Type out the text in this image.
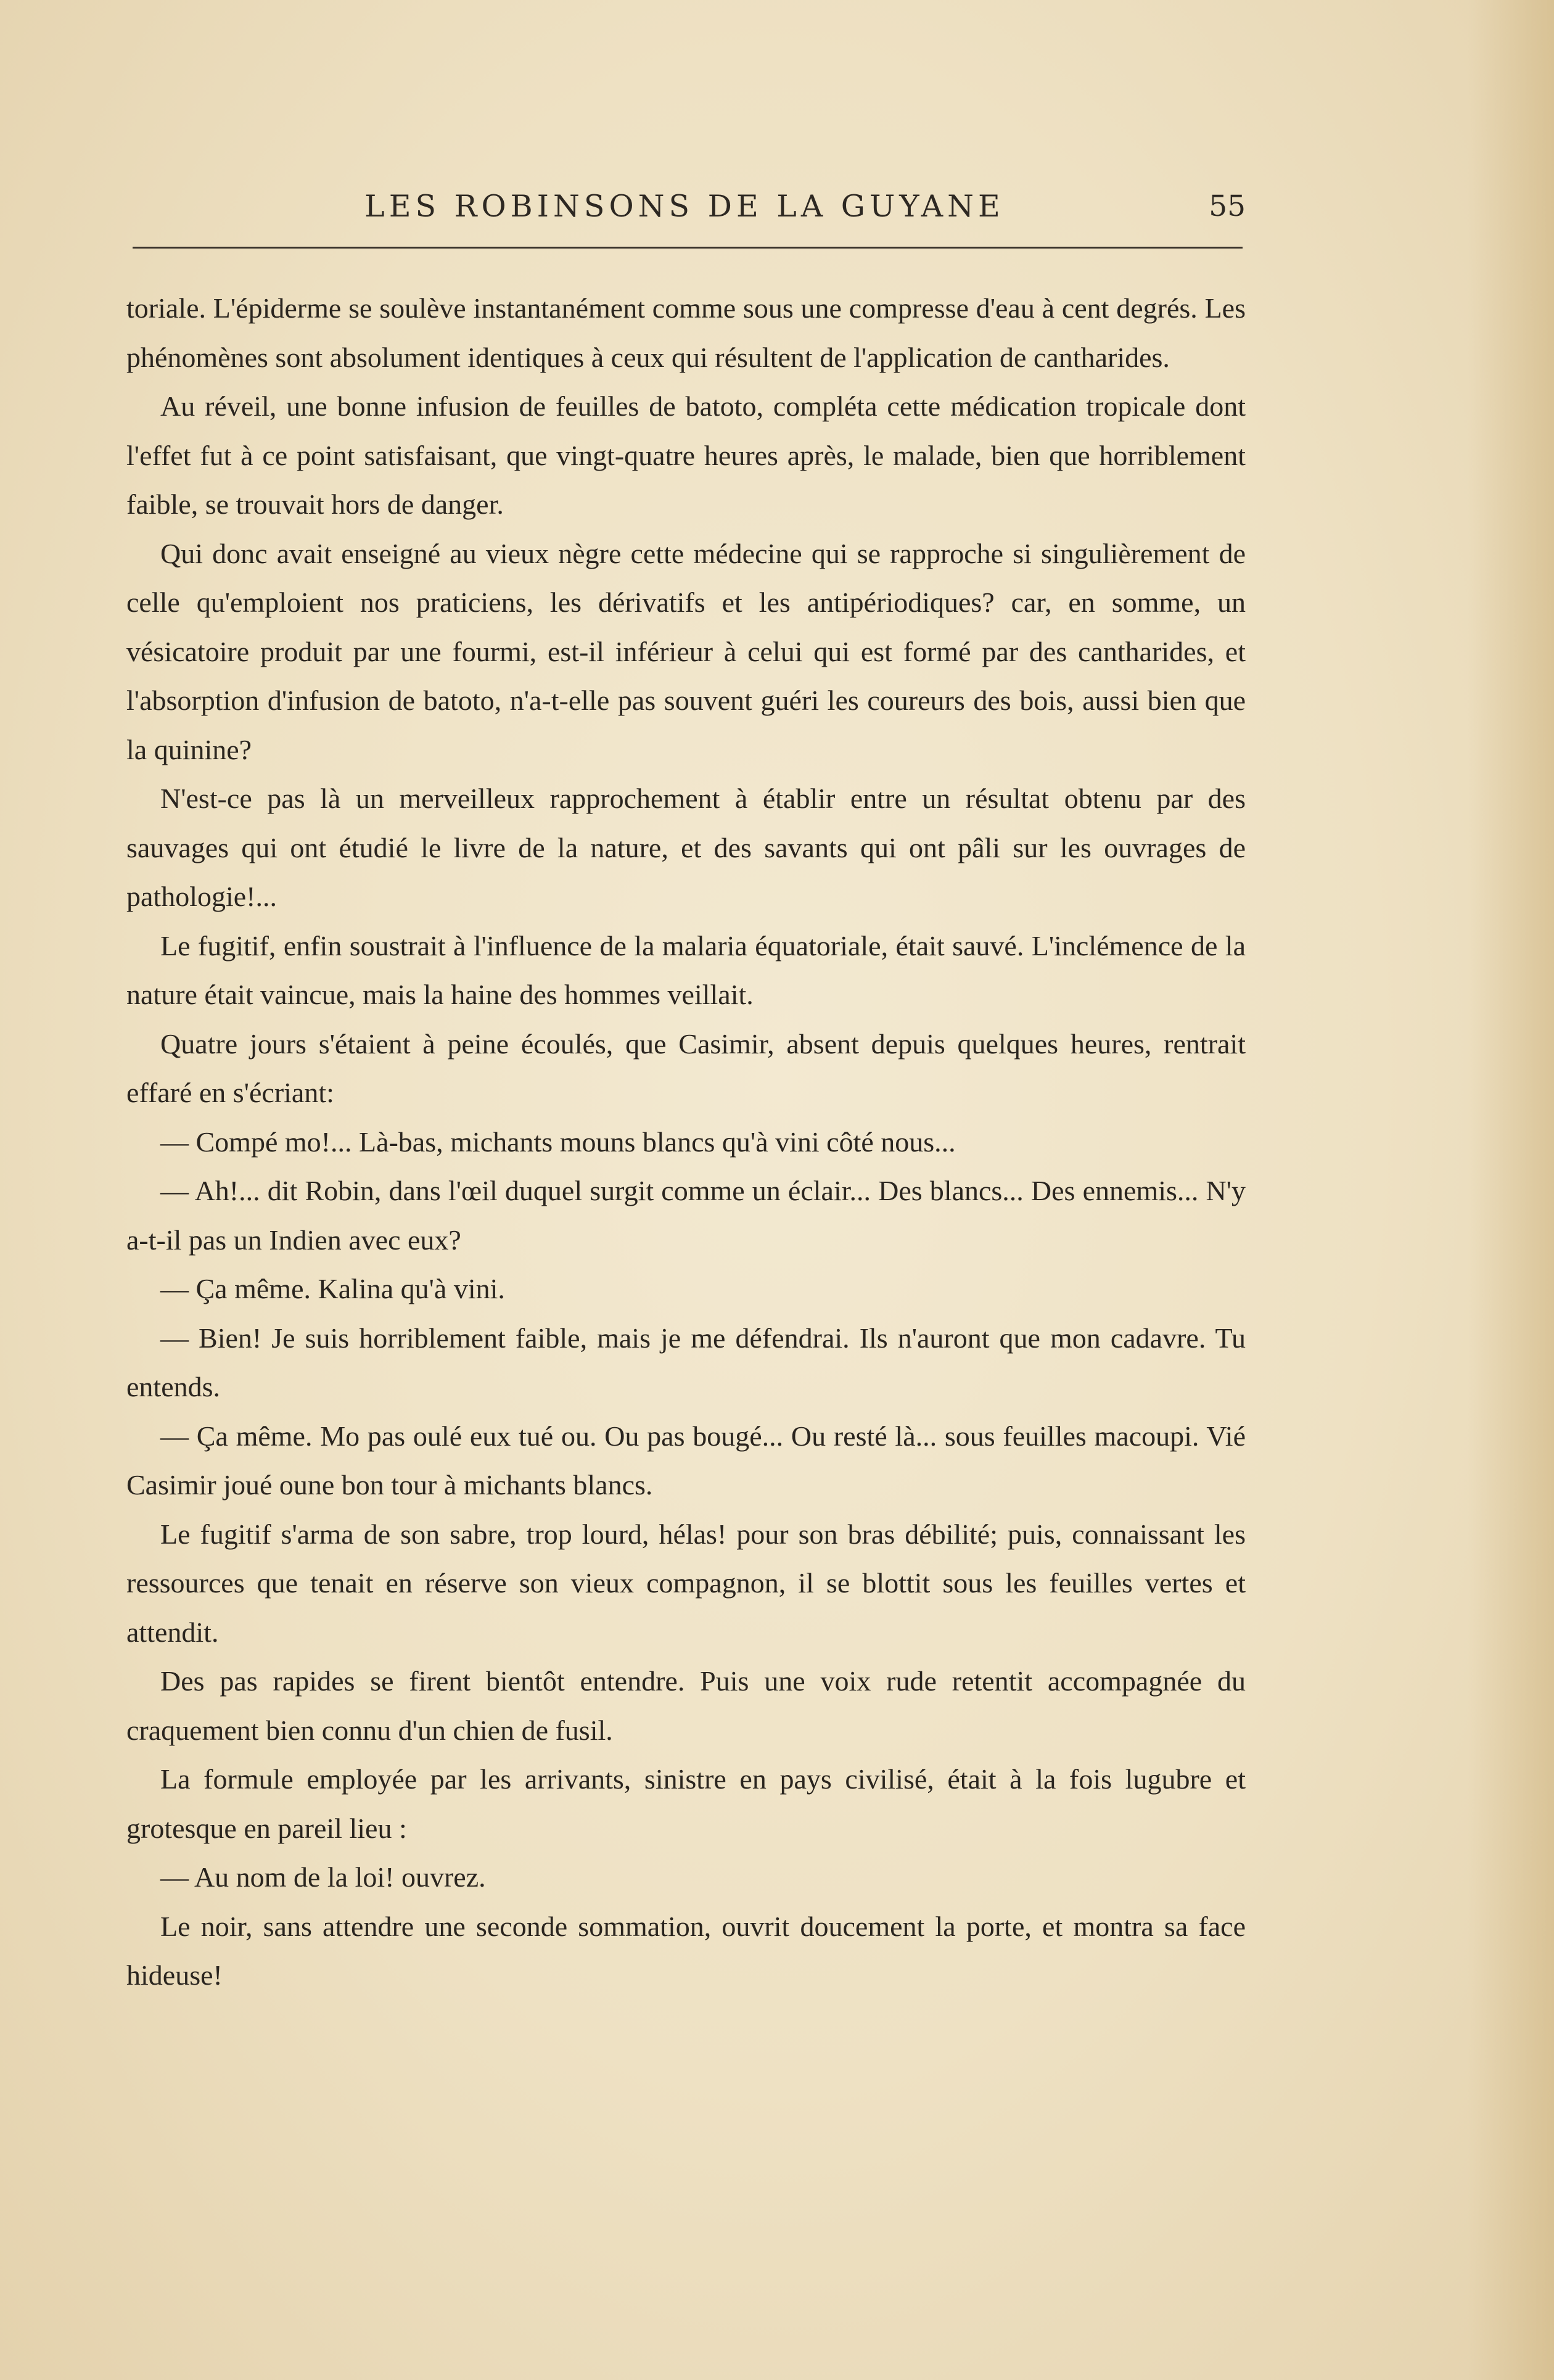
LES ROBINSONS DE LA GUYANE	55

toriale. L'épiderme se soulève instantanément comme sous une compresse d'eau à cent degrés. Les phénomènes sont absolument identiques à ceux qui résultent de l'application de cantharides.

Au réveil, une bonne infusion de feuilles de batoto, compléta cette médication tropicale dont l'effet fut à ce point satisfaisant, que vingt-quatre heures après, le malade, bien que horriblement faible, se trouvait hors de danger.

Qui donc avait enseigné au vieux nègre cette médecine qui se rapproche si singulièrement de celle qu'emploient nos praticiens, les dérivatifs et les antipériodiques? car, en somme, un vésicatoire produit par une fourmi, est-il inférieur à celui qui est formé par des cantharides, et l'absorption d'infusion de batoto, n'a-t-elle pas souvent guéri les coureurs des bois, aussi bien que la quinine?

N'est-ce pas là un merveilleux rapprochement à établir entre un résultat obtenu par des sauvages qui ont étudié le livre de la nature, et des savants qui ont pâli sur les ouvrages de pathologie!...

Le fugitif, enfin soustrait à l'influence de la malaria équatoriale, était sauvé. L'inclémence de la nature était vaincue, mais la haine des hommes veillait.

Quatre jours s'étaient à peine écoulés, que Casimir, absent depuis quelques heures, rentrait effaré en s'écriant:

— Compé mo!... Là-bas, michants mouns blancs qu'à vini côté nous...

— Ah!... dit Robin, dans l'œil duquel surgit comme un éclair... Des blancs... Des ennemis... N'y a-t-il pas un Indien avec eux?

— Ça même. Kalina qu'à vini.

— Bien! Je suis horriblement faible, mais je me défendrai. Ils n'auront que mon cadavre. Tu entends.

— Ça même. Mo pas oulé eux tué ou. Ou pas bougé... Ou resté là... sous feuilles macoupi. Vié Casimir joué oune bon tour à michants blancs.

Le fugitif s'arma de son sabre, trop lourd, hélas! pour son bras débilité; puis, connaissant les ressources que tenait en réserve son vieux compagnon, il se blottit sous les feuilles vertes et attendit.

Des pas rapides se firent bientôt entendre. Puis une voix rude retentit accompagnée du craquement bien connu d'un chien de fusil.

La formule employée par les arrivants, sinistre en pays civilisé, était à la fois lugubre et grotesque en pareil lieu :

— Au nom de la loi! ouvrez.

Le noir, sans attendre une seconde sommation, ouvrit doucement la porte, et montra sa face hideuse!
